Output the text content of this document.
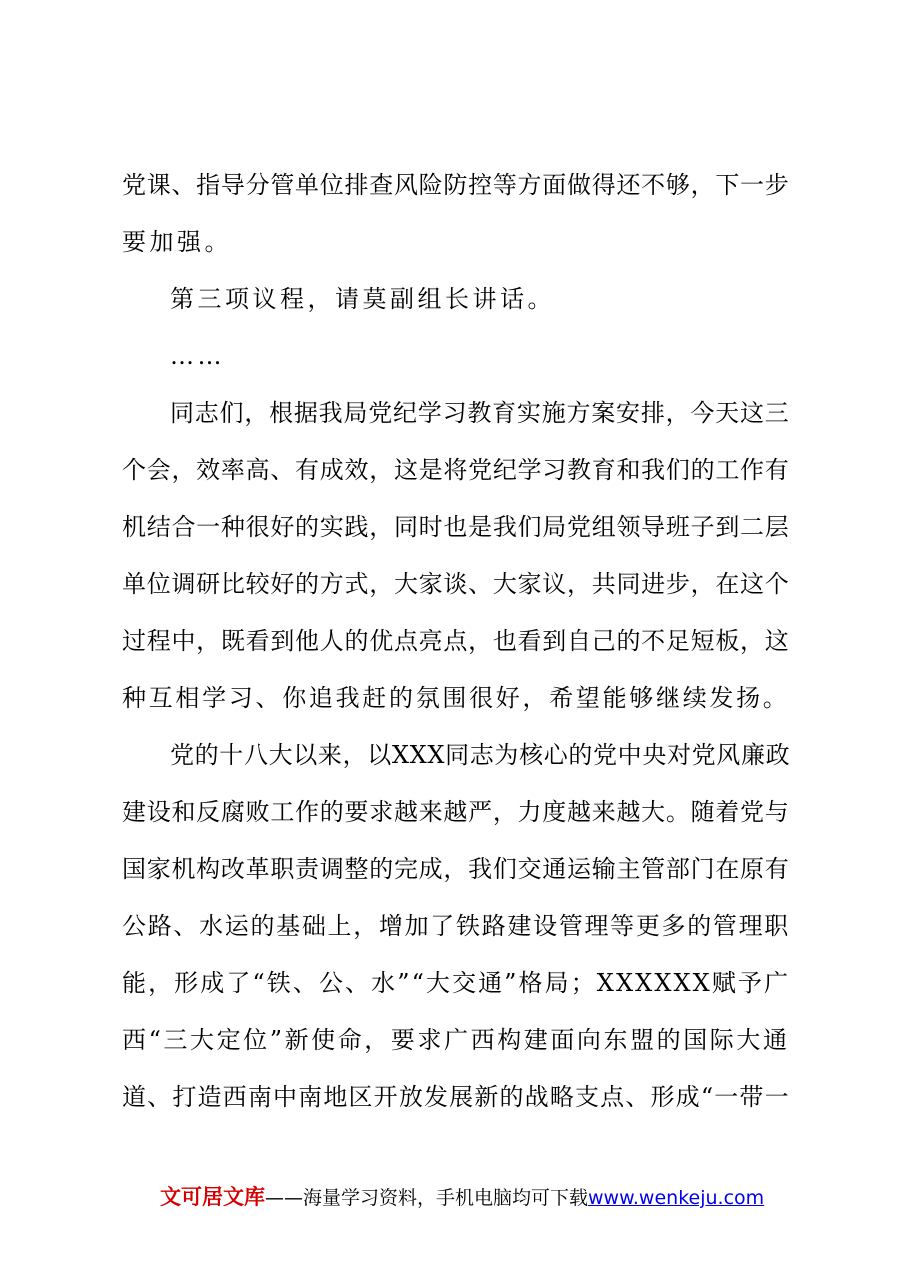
党课、指导分管单位排查风险防控等方面做得还不够，下一步
要加强。
第三项议程，请莫副组长讲话。
……
同志们，根据我局党纪学习教育实施方案安排，今天这三
个会，效率高、有成效，这是将党纪学习教育和我们的工作有
机结合一种很好的实践，同时也是我们局党组领导班子到二层
单位调研比较好的方式，大家谈、大家议，共同进步，在这个
过程中，既看到他人的优点亮点，也看到自己的不足短板，这
种互相学习、你追我赶的氛围很好，希望能够继续发扬。
党的十八大以来，以XXX同志为核心的党中央对党风廉政
建设和反腐败工作的要求越来越严，力度越来越大。随着党与
国家机构改革职责调整的完成，我们交通运输主管部门在原有
公路、水运的基础上，增加了铁路建设管理等更多的管理职
能，形成了“铁、公、水”“大交通”格局；XXXXXX赋予广
西“三大定位”新使命，要求广西构建面向东盟的国际大通
道、打造西南中南地区开放发展新的战略支点、形成“一带一
文可居文库——海量学习资料，手机电脑均可下载www.wenkeju.com
